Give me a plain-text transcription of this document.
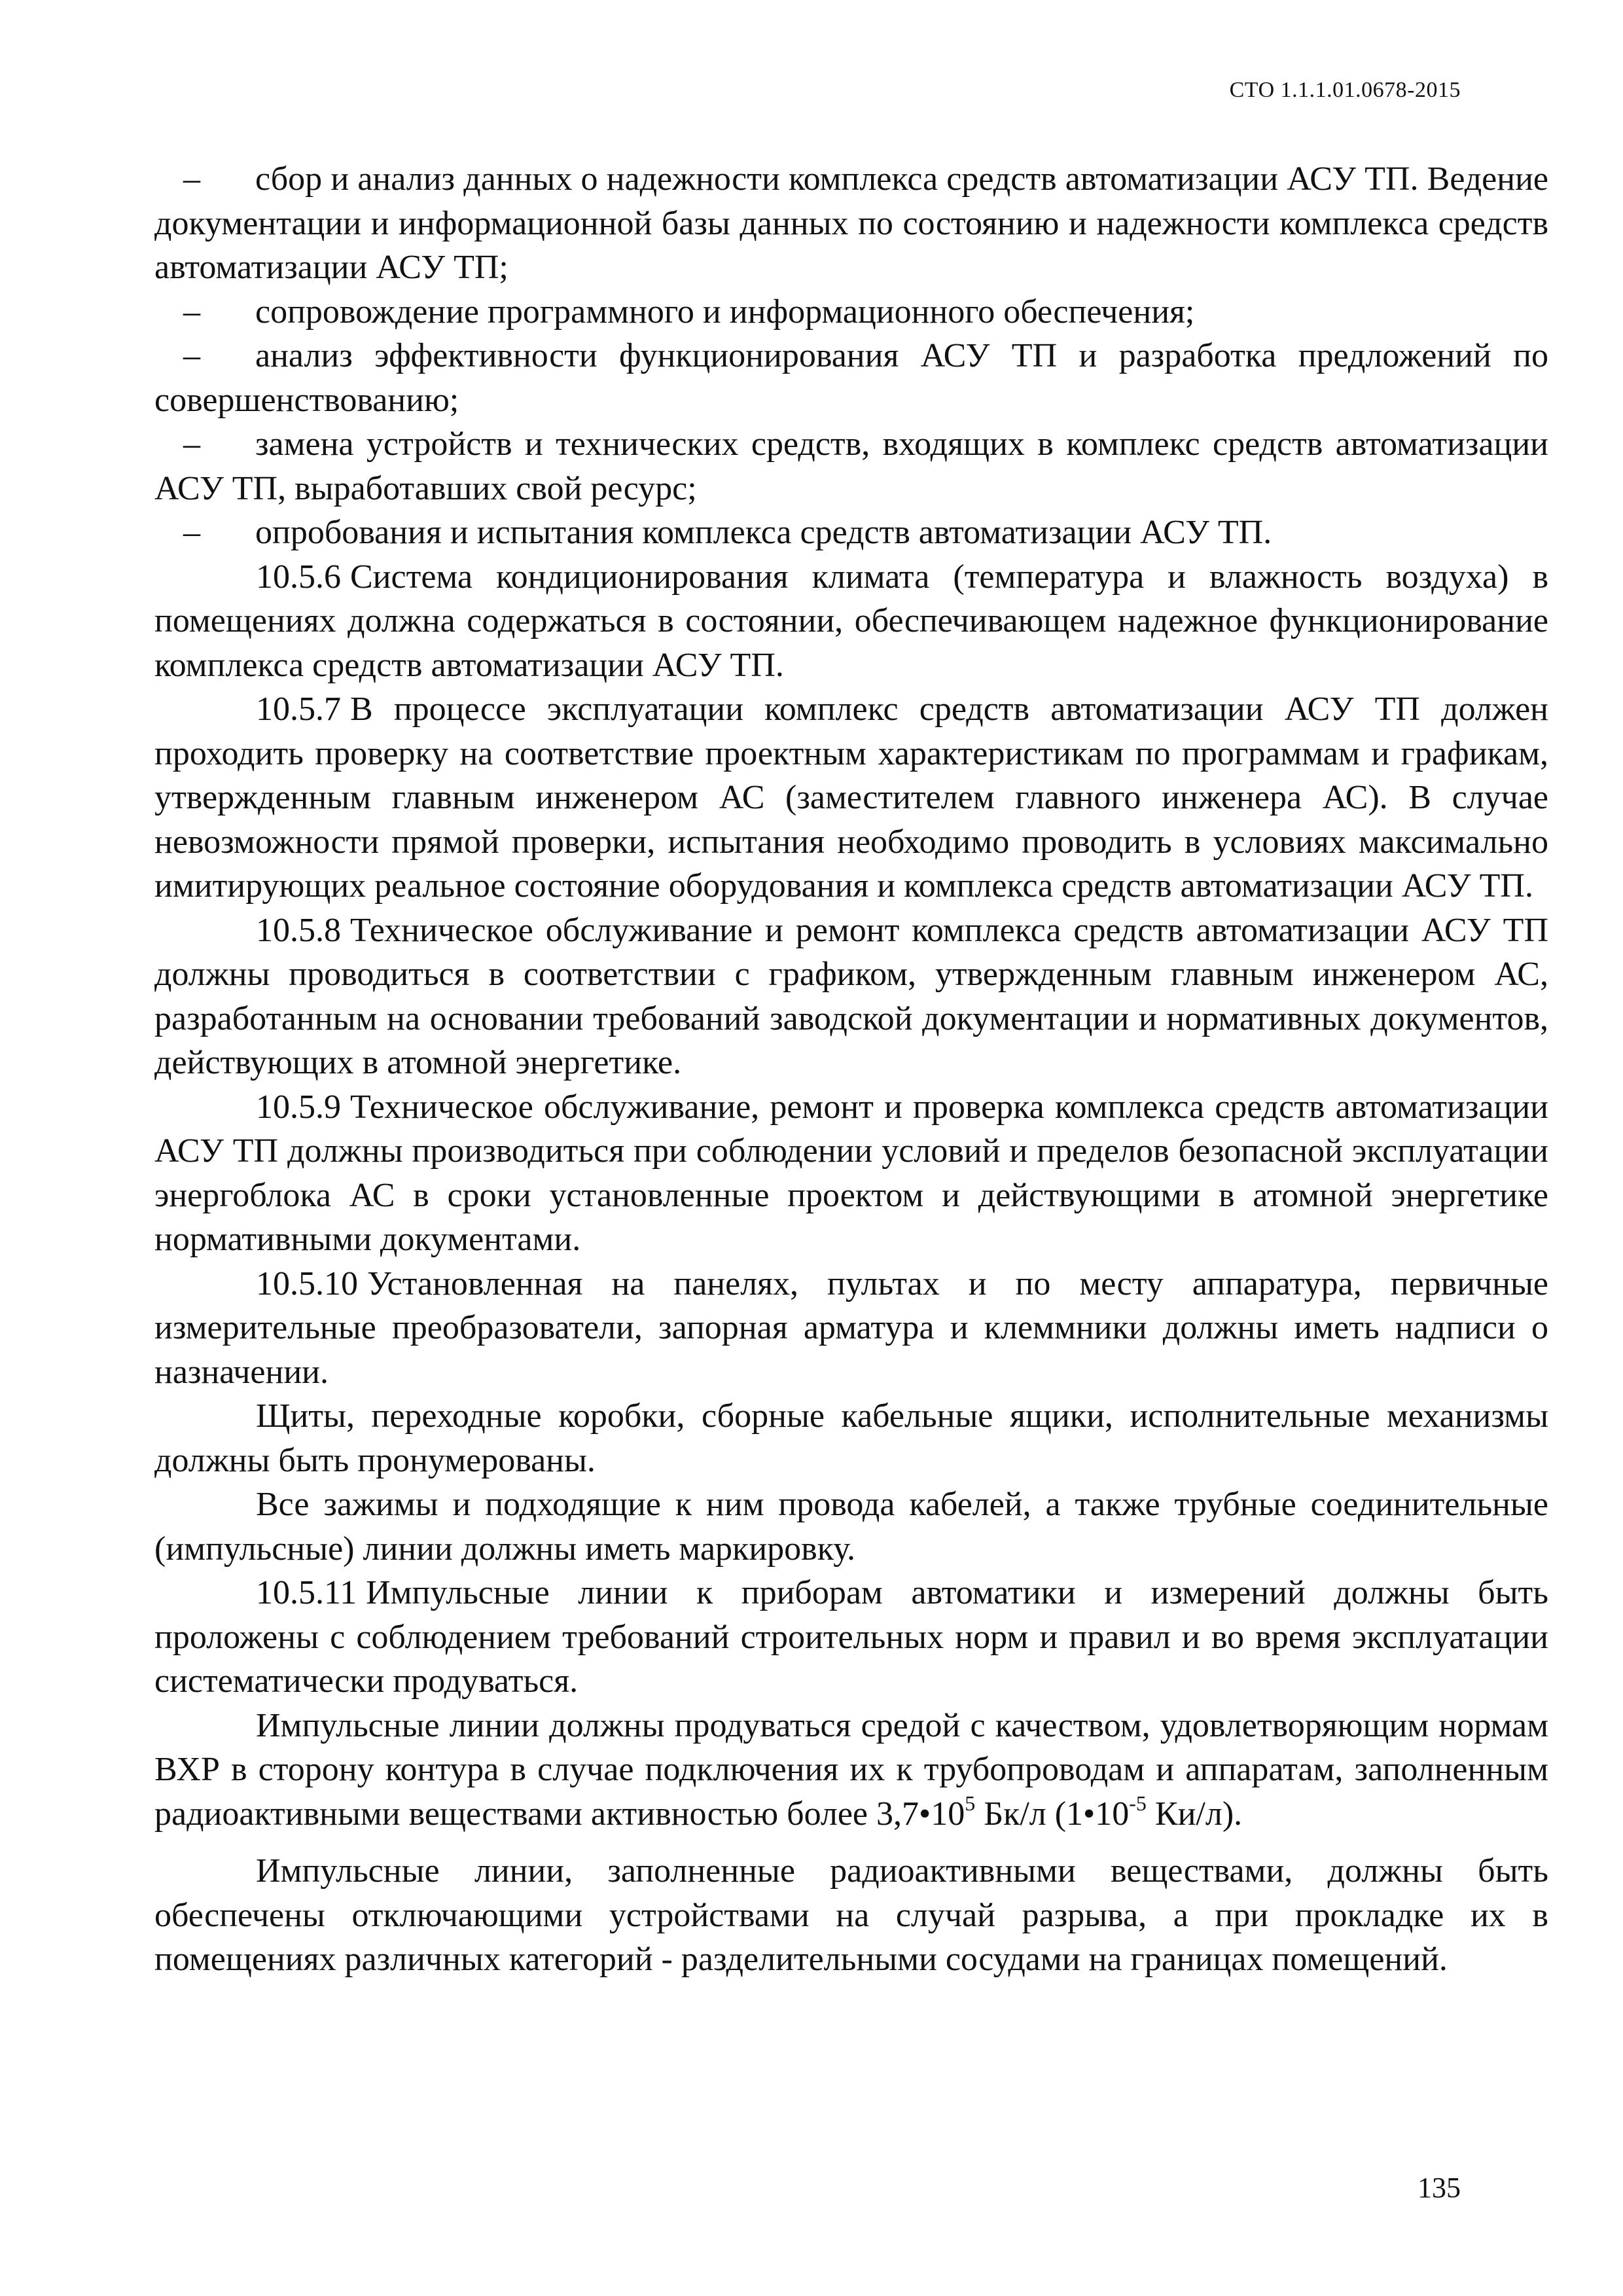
СТО 1.1.1.01.0678-2015

– сбор и анализ данных о надежности комплекса средств автоматизации АСУ ТП. Ведение документации и информационной базы данных по состоянию и надежности комплекса средств автоматизации АСУ ТП;

– сопровождение программного и информационного обеспечения;

– анализ эффективности функционирования АСУ ТП и разработка предложений по совершенствованию;

– замена устройств и технических средств, входящих в комплекс средств автоматизации АСУ ТП, выработавших свой ресурс;

– опробования и испытания комплекса средств автоматизации АСУ ТП.

10.5.6 Система кондиционирования климата (температура и влажность воздуха) в помещениях должна содержаться в состоянии, обеспечивающем надежное функционирование комплекса средств автоматизации АСУ ТП.

10.5.7 В процессе эксплуатации комплекс средств автоматизации АСУ ТП должен проходить проверку на соответствие проектным характеристикам по программам и графикам, утвержденным главным инженером АС (заместителем главного инженера АС). В случае невозможности прямой проверки, испытания необходимо проводить в условиях максимально имитирующих реальное состояние оборудования и комплекса средств автоматизации АСУ ТП.

10.5.8 Техническое обслуживание и ремонт комплекса средств автоматизации АСУ ТП должны проводиться в соответствии с графиком, утвержденным главным инженером АС, разработанным на основании требований заводской документации и нормативных документов, действующих в атомной энергетике.

10.5.9 Техническое обслуживание, ремонт и проверка комплекса средств автоматизации АСУ ТП должны производиться при соблюдении условий и пределов безопасной эксплуатации энергоблока АС в сроки установленные проектом и действующими в атомной энергетике нормативными документами.

10.5.10 Установленная на панелях, пультах и по месту аппаратура, первичные измерительные преобразователи, запорная арматура и клеммники должны иметь надписи о назначении.

Щиты, переходные коробки, сборные кабельные ящики, исполнительные механизмы должны быть пронумерованы.

Все зажимы и подходящие к ним провода кабелей, а также трубные соединительные (импульсные) линии должны иметь маркировку.

10.5.11 Импульсные линии к приборам автоматики и измерений должны быть проложены с соблюдением требований строительных норм и правил и во время эксплуатации систематически продуваться.

Импульсные линии должны продуваться средой с качеством, удовлетворяющим нормам ВХР в сторону контура в случае подключения их к трубопроводам и аппаратам, заполненным радиоактивными веществами активностью более $3,7•10^5$ Бк/л ($1•10^{-5}$ Ки/л).

Импульсные линии, заполненные радиоактивными веществами, должны быть обеспечены отключающими устройствами на случай разрыва, а при прокладке их в помещениях различных категорий - разделительными сосудами на границах помещений.

135
